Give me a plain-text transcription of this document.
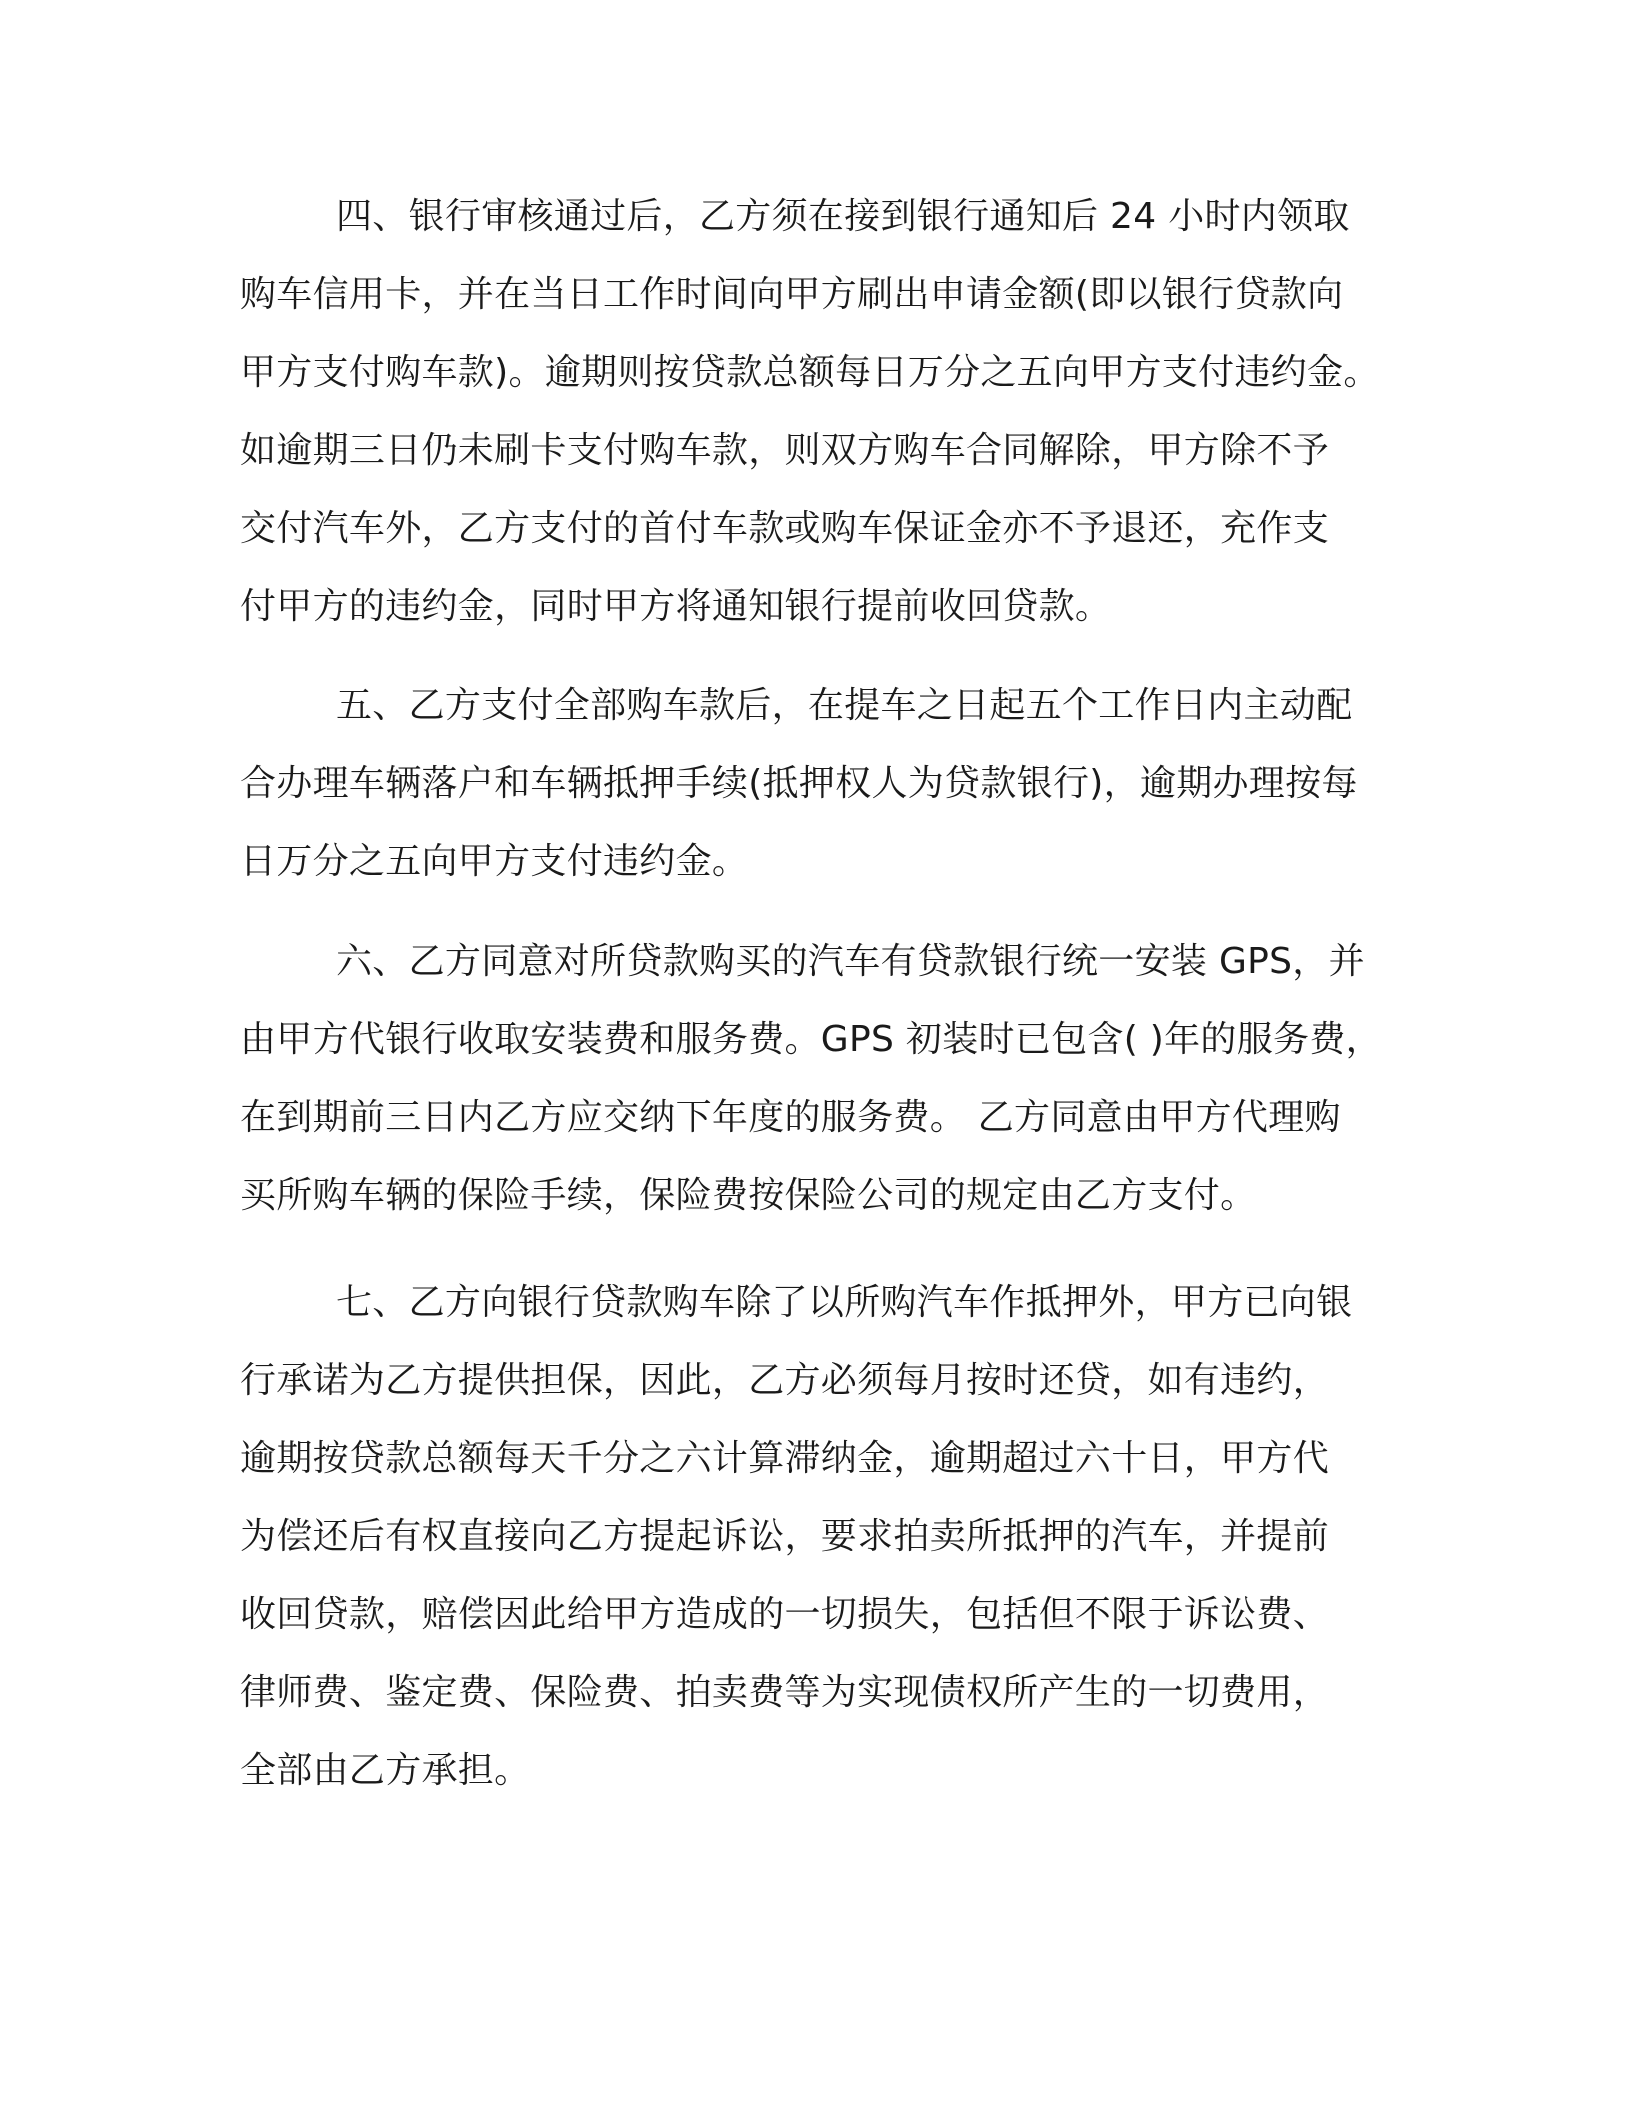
四、银行审核通过后，乙方须在接到银行通知后 24 小时内领取
购车信用卡，并在当日工作时间向甲方刷出申请金额(即以银行贷款向
甲方支付购车款)。逾期则按贷款总额每日万分之五向甲方支付违约金。
如逾期三日仍未刷卡支付购车款，则双方购车合同解除，甲方除不予
交付汽车外，乙方支付的首付车款或购车保证金亦不予退还，充作支
付甲方的违约金，同时甲方将通知银行提前收回贷款。
五、乙方支付全部购车款后，在提车之日起五个工作日内主动配
合办理车辆落户和车辆抵押手续(抵押权人为贷款银行)，逾期办理按每
日万分之五向甲方支付违约金。
六、乙方同意对所贷款购买的汽车有贷款银行统一安装 GPS，并
由甲方代银行收取安装费和服务费。GPS 初装时已包含( )年的服务费，
在到期前三日内乙方应交纳下年度的服务费。 乙方同意由甲方代理购
买所购车辆的保险手续，保险费按保险公司的规定由乙方支付。
七、乙方向银行贷款购车除了以所购汽车作抵押外，甲方已向银
行承诺为乙方提供担保，因此，乙方必须每月按时还贷，如有违约，
逾期按贷款总额每天千分之六计算滞纳金，逾期超过六十日，甲方代
为偿还后有权直接向乙方提起诉讼，要求拍卖所抵押的汽车，并提前
收回贷款，赔偿因此给甲方造成的一切损失，包括但不限于诉讼费、
律师费、鉴定费、保险费、拍卖费等为实现债权所产生的一切费用，
全部由乙方承担。
